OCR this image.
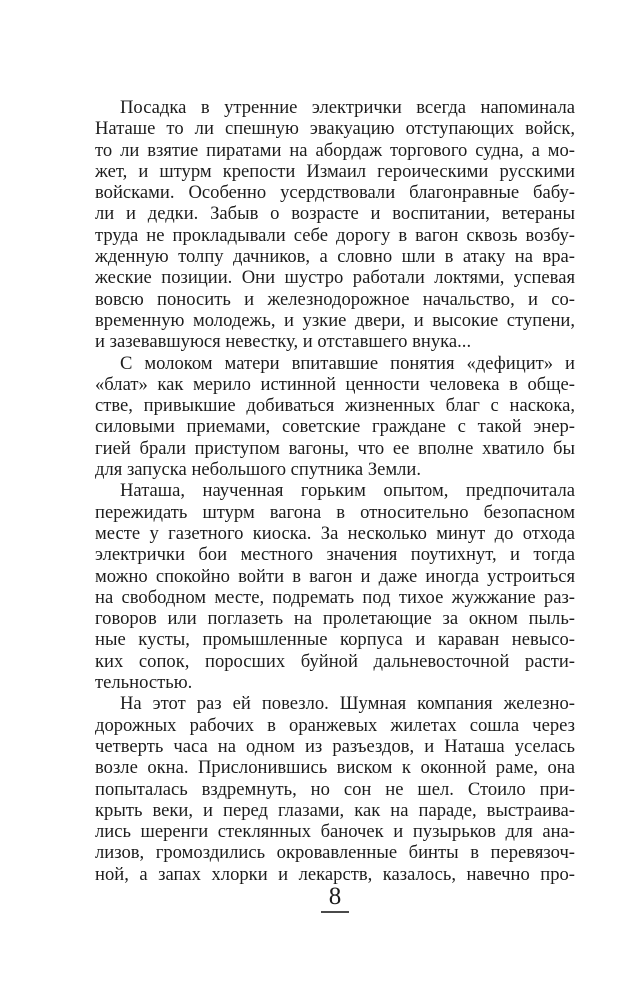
Посадка в утренние электрички всегда напоминала
Наташе то ли спешную эвакуацию отступающих войск,
то ли взятие пиратами на абордаж торгового судна, а мо-
жет, и штурм крепости Измаил героическими русскими
войсками. Особенно усердствовали благонравные бабу-
ли и дедки. Забыв о возрасте и воспитании, ветераны
труда не прокладывали себе дорогу в вагон сквозь возбу-
жденную толпу дачников, а словно шли в атаку на вра-
жеские позиции. Они шустро работали локтями, успевая
вовсю поносить и железнодорожное начальство, и со-
временную молодежь, и узкие двери, и высокие ступени,
и зазевавшуюся невестку, и отставшего внука...
С молоком матери впитавшие понятия «дефицит» и
«блат» как мерило истинной ценности человека в обще-
стве, привыкшие добиваться жизненных благ с наскока,
силовыми приемами, советские граждане с такой энер-
гией брали приступом вагоны, что ее вполне хватило бы
для запуска небольшого спутника Земли.
Наташа, наученная горьким опытом, предпочитала
пережидать штурм вагона в относительно безопасном
месте у газетного киоска. За несколько минут до отхода
электрички бои местного значения поутихнут, и тогда
можно спокойно войти в вагон и даже иногда устроиться
на свободном месте, подремать под тихое жужжание раз-
говоров или поглазеть на пролетающие за окном пыль-
ные кусты, промышленные корпуса и караван невысо-
ких сопок, поросших буйной дальневосточной расти-
тельностью.
На этот раз ей повезло. Шумная компания железно-
дорожных рабочих в оранжевых жилетах сошла через
четверть часа на одном из разъездов, и Наташа уселась
возле окна. Прислонившись виском к оконной раме, она
попыталась вздремнуть, но сон не шел. Стоило при-
крыть веки, и перед глазами, как на параде, выстраива-
лись шеренги стеклянных баночек и пузырьков для ана-
лизов, громоздились окровавленные бинты в перевязоч-
ной, а запах хлорки и лекарств, казалось, навечно про-
8
